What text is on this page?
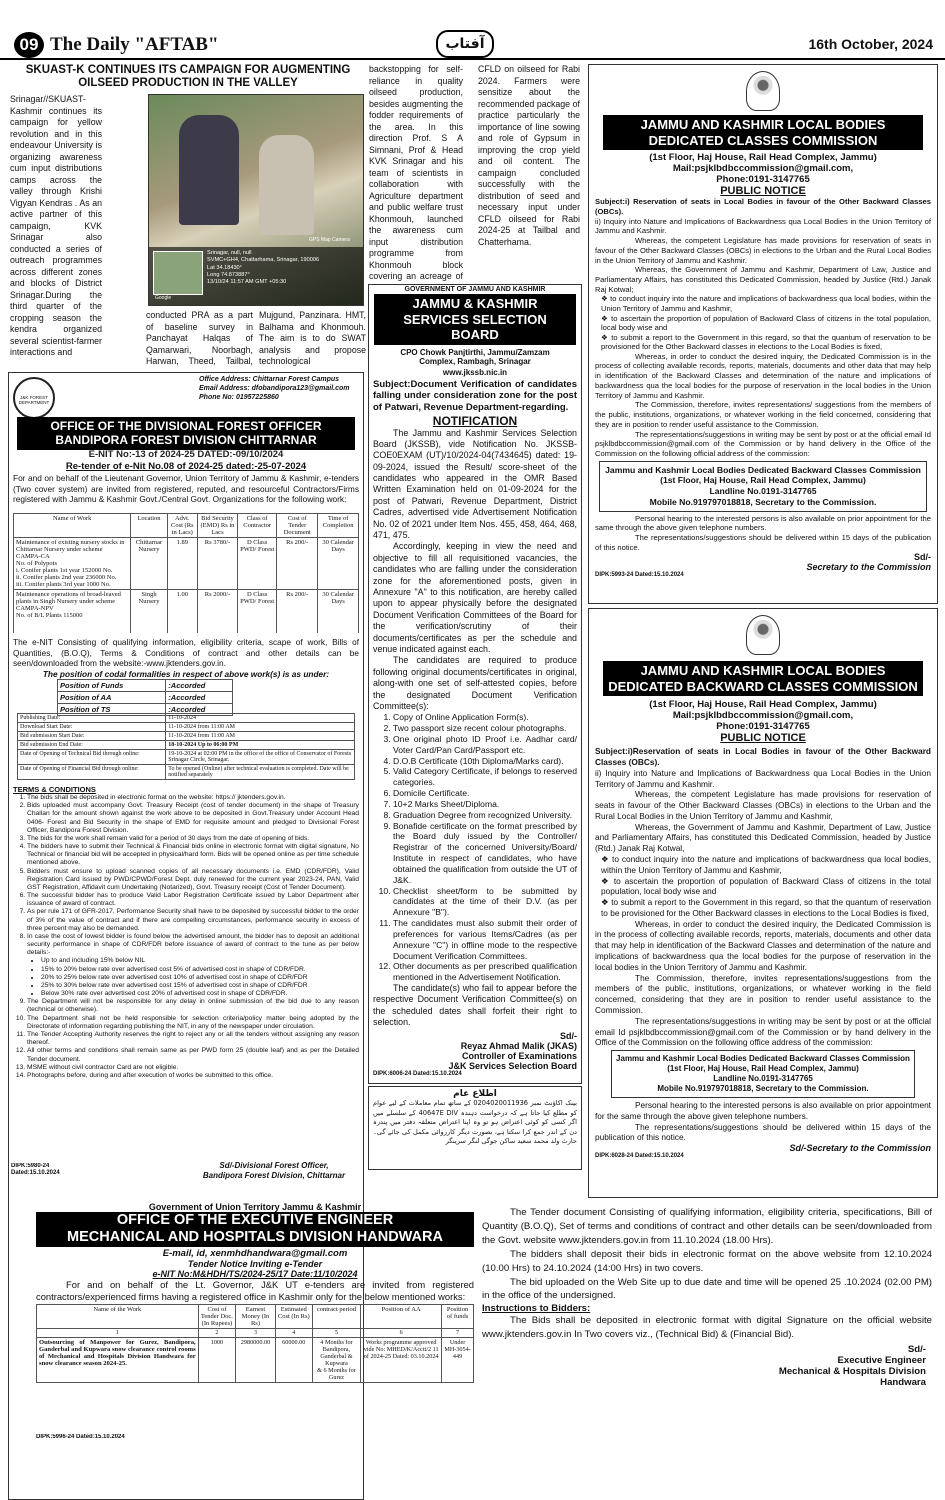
09 The Daily "AFTAB"	آفتاب	16th October, 2024
SKUAST-K CONTINUES ITS CAMPAIGN FOR AUGMENTING OILSEED PRODUCTION IN THE VALLEY

Srinagar//SKUAST-Kashmir continues its campaign for yellow revolution and in this endeavour University is organizing awareness cum input distributions camps across the valley through Krishi Vigyan Kendras . As an active partner of this campaign, KVK Srinagar also conducted a series of outreach programmes across different zones and blocks of District Srinagar.During the third quarter of the cropping season the kendra organized several scientist-farmer interactions and

Srinagar, null, null
SVMC+GH4, Chattarhama, Srinagar, 190006
Lat 34.18430°
Long 74.873887°
13/10/24 11:57 AM GMT +05:30
Google
GPS Map Camera

conducted PRA as a part of baseline survey in Panchayat Halqas of Qamarwari, Noorbagh, Harwan, Theed, Tailbal, Mujgund, Panzinara. HMT, Balhama and Khonmouh. The aim is to do SWAT analysis and propose technological

backstopping for self-reliance in quality oilseed production, besides augmenting the fodder requirements of the area. In this direction Prof. S A Simnani, Prof & Head KVK Srinagar and his team of scientists in collaboration with Agriculture department and public welfare trust Khonmouh, launched the awareness cum input distribution programme from Khonmouh block covering an acreage of

CFLD on oilseed for Rabi 2024. Farmers were sensitize about the recommended package of practice particularly the importance of line sowing and role of Gypsum in improving the crop yield and oil content. The campaign concluded successfully with the distribution of seed and necessary input under CFLD oilseed for Rabi 2024-25 at Tailbal and Chatterhama.

J&K FOREST DEPARTMENT
Office Address: Chittarnar Forest Campus
Email Address: dfobandipora123@gmail.com
Phone No: 01957225860
OFFICE OF THE DIVISIONAL FOREST OFFICER BANDIPORA FOREST DIVISION CHITTARNAR
E-NIT No:-13 of 2024-25 DATED:-09/10/2024
Re-tender of e-Nit No.08 of 2024-25 dated:-25-07-2024

For and on behalf of the Lieutenant Governor, Union Territory of Jammu & Kashmir, e-tenders (Two cover system) are invited from registered, reputed, and resourceful Contractors/Firms registered with Jammu & Kashmir Govt./Central Govt. Organizations for the following work:

Name of Work	Location	Advt. Cost (Rs in Lacs)	Bid Security (EMD) Rs in Lacs	Class of Contractor	Cost of Tender Document	Time of Completion
Maintenance of existing nursery stocks in Chittarnar Nursery under scheme CAMPA-CA
No. of Polypots
i. Conifer plants 1st year 152000 No.
ii. Conifer plants 2nd year 236000 No.
iii. Conifer plants 3rd year 1000 No.	Chittarnar Nursery	1.89	Rs 3780/-	D Class PWD/ Forest	Rs 200/-	30 Calendar Days
Maintenance operations of broad-leaved plants in Singh Nursery under scheme CAMPA-NPV
No. of B/L Plants 115000	Singh Nursery	1.00	Rs 2000/-	D Class PWD/ Forest	Rs 200/-	30 Calendar Days

The e-NIT Consisting of qualifying information, eligibility criteria, scape of work, Bills of Quantities, (B.O.Q), Terms & Conditions of contract and other details can be seen/downloaded from the website:-www.jktenders.gov.in.

The position of codal formalities in respect of above work(s) is as under:
Position of Funds	:Accorded
Position of AA	:Accorded
Position of TS	:Accorded
Publishing Date:	11-10-2024
Download Start Date:	11-10-2024 from 11:00 AM
Bid submission Start Date:	11-10-2024 from 11:00 AM
Bid submission End Date:	18-10-2024 Up to 06:00 PM
Date of Opening of Technical Bid through online:	19-10-2024 at 02:00 PM in the office of the office of Conservator of Forests Srinagar Circle, Srinagar.
Date of Opening of Financial Bid through online:	To be opened (Online) after technical evaluation is completed. Date will be notified separately
TERMS & CONDITIONS
1. The bids shall be deposited in electronic format on the website: https:// jktenders.gov.in.
2. Bids uploaded must accompany Govt. Treasury Receipt (cost of tender document) in the shape of Treasury Challan for the amount shown against the work above to be deposited in Govt.Treasury under Account Head 0406- Forest and Bid Security in the shape of EMD for requisite amount and pledged to Divisional Forest Officer, Bandipora Forest Division.
3. The bids for the work shall remain valid for a period of 30 days from the date of opening of bids.
4. The bidders have to submit their Technical & Financial bids online in electronic format with digital signature, No Technical or financial bid will be accepted in physical/hard form. Bids will be opened online as per time schedule mentioned above.
5. Bidders must ensure to upload scanned copies of all necessary documents i.e. EMD (CDR/FDR), Valid Registration Card issued by PWD/CPWD/Forest Dept. duly renewed for the current year 2023-24, PAN, Valid GST Registration, Affidavit cum Undertaking (Notarized), Govt. Treasury receipt (Cost of Tender Document).
6. The successful bidder has to produce Valid Labor Registration Certificate issued by Labor Department after issuance of award of contract.
7. As per rule 171 of GFR-2017, Performance Security shall have to be deposited by successful bidder to the order of 3% of the value of contract and if there are compelling circumstances, performance security in excess of three percent may also be demanded.
8. In case the cost of lowest bidder is found below the advertised amount, the bidder has to deposit an additional security performance in shape of CDR/FDR before issuance of award of contract to the tune as per below details:-
• Up to and including 15% below NIL
• 15% to 20% below rate over advertised cost 5% of advertised cost in shape of CDR/FDR.
• 20% to 25% below rate over advertised cost 10% of advertised cost in shape of CDR/FDR
• 25% to 30% below rate over advertised cost 15% of advertised cost in shape of CDR/FDR
• Below 30% rate over advertised cost 20% of advertised cost in shape of CDR/FDR.
9. The Department will not be responsible for any delay in online submission of the bid due to any reason (technical or otherwise).
10. The Department shall not be held responsible for selection criteria/policy matter being adopted by the Directorate of information regarding publishing the NIT, in any of the newspaper under circulation.
11. The Tender Accepting Authority reserves the right to reject any or all the tenders without assigning any reason thereof.
12. All other terms and conditions shall remain same as per PWD form 25 (double leaf) and as per the Detailed Tender document.
13. MSME without civil contractor Card are not eligible.
14. Photographs before, during and after execution of works be submitted to this office.
DIPK:5980-24
Dated:15.10.2024
Sd/-Divisional Forest Officer,
Bandipora Forest Division, Chittarnar
GOVERNMENT OF JAMMU AND KASHMIR
JAMMU & KASHMIR SERVICES SELECTION BOARD
CPO Chowk Panjtirthi, Jammu/Zamzam Complex, Rambagh, Srinagar
www.jkssb.nic.in

Subject:Document Verification of candidates falling under consideration zone for the post of Patwari, Revenue Department-regarding.

NOTIFICATION

The Jammu and Kashmir Services Selection Board (JKSSB), vide Notification No. JKSSB-COE0EXAM (UT)/10/2024-04(7434645) dated: 19-09-2024, issued the Result/ score-sheet of the candidates who appeared in the OMR Based Written Examination held on 01-09-2024 for the post of Patwari, Revenue Department, District Cadres, advertised vide Advertisement Notification No. 02 of 2021 under Item Nos. 455, 458, 464, 468, 471, 475.

Accordingly, keeping in view the need and objective to fill all requisitioned vacancies, the candidates who are falling under the consideration zone for the aforementioned posts, given in Annexure "A" to this notification, are hereby called upon to appear physically before the designated Document Verification Committees of the Board for the verification/scrutiny of their documents/certificates as per the schedule and venue indicated against each.

The candidates are required to produce following original documents/certificates in original, along-with one set of self-attested copies, before the designated Document Verification Committee(s):

1. Copy of Online Application Form(s).
2. Two passport size recent colour photographs.
3. One original photo ID Proof i.e. Aadhar card/ Voter Card/Pan Card/Passport etc.
4. D.O.B Certificate (10th Diploma/Marks card).
5. Valid Category Certificate, if belongs to reserved categories.
6. Domicile Certificate.
7. 10+2 Marks Sheet/Diploma.
8. Graduation Degree from recognized University.
9. Bonafide certificate on the format prescribed by the Board duly issued by the Controller/ Registrar of the concerned University/Board/ Institute in respect of candidates, who have obtained the qualification from outside the UT of J&K.
10. Checklist sheet/form to be submitted by candidates at the time of their D.V. (as per Annexure "B").
11. The candidates must also submit their order of preferences for various Items/Cadres (as per Annexure "C") in offline mode to the respective Document Verification Committees.
12. Other documents as per prescribed qualification mentioned in the Advertisement Notification.

The candidate(s) who fail to appear before the respective Document Verification Committee(s) on the scheduled dates shall forfeit their right to selection.

Sd/-
Reyaz Ahmad Malik (JKAS)
Controller of Examinations
J&K Services Selection Board
DIPK:6006-24 Dated:15.10.2024
اطلاع عام
بینک اکاؤنٹ نمبر 0204020011936 کے ساتھ تمام معاملات کے لیے عوام کو مطلع کیا جاتا ہے کہ درخواست دہندہ 40647E DIV کے سلسلے میں اگر کسی کو کوئی اعتراض ہو تو وہ اپنا اعتراض متعلقہ دفتر میں پندرہ دن کے اندر جمع کرا سکتا ہے، بصورت دیگر کارروائی مکمل کی جائے گی۔ حارث ولد محمد سعید ساکن جوگی لنگر سرینگر
JAMMU AND KASHMIR LOCAL BODIES DEDICATED CLASSES COMMISSION
(1st Floor, Haj House, Rail Head Complex, Jammu)
Mail:psjklbdbccommission@gmail.com,
Phone:0191-3147765
PUBLIC NOTICE

Subject:i) Reservation of seats in Local Bodies in favour of the Other Backward Classes (OBCs).

ii) Inquiry into Nature and Implications of Backwardness qua Local Bodies in the Union Territory of Jammu and Kashmir.

Whereas, the competent Legislature has made provisions for reservation of seats in favour of the Other Backward Classes (OBCs) in elections to the Urban and the Rural Local Bodies in the Union Territory of Jammu and Kashmir.

Whereas, the Government of Jammu and Kashmir, Department of Law, Justice and Parliamentary Affairs, has constituted this Dedicated Commission, headed by Justice (Rtd.) Janak Raj Kotwal;

❖ to conduct inquiry into the nature and implications of backwardness qua local bodies, within the Union Territory of Jammu and Kashmir,
❖ to ascertain the proportion of population of Backward Class of citizens in the total population, local body wise and
❖ to submit a report to the Government in this regard, so that the quantum of reservation to be provisioned for the Other Backward classes in elections to the Local Bodies is fixed,

Whereas, in order to conduct the desired inquiry, the Dedicated Commission is in the process of collecting available records, reports, materials, documents and other data that may help in identification of the Backward Classes and determination of the nature and implications of backwardness qua the local bodies for the purpose of reservation in the local bodies in the Union Territory of Jammu and Kashmir.

The Commission, therefore, invites representations/ suggestions from the members of the public, institutions, organizations, or whatever working in the field concerned, considering that they are in position to render useful assistance to the Commission.

The representations/suggestions in writing may be sent by post or at the official email Id psjklbdbccommission@gmail.com of the Commission or by hand delivery in the Office of the Commission on the following official address of the commission:

Jammu and Kashmir Local Bodies Dedicated Backward Classes Commission
(1st Floor, Haj House, Rail Head Complex, Jammu)
Landline No.0191-3147765
Mobile No.919797018818, Secretary to the Commission.

Personal hearing to the interested persons is also available on prior appointment for the same through the above given telephone numbers.

The representations/suggestions should be delivered within 15 days of the publication of this notice.

Sd/-
Secretary to the Commission
DIPK:5993-24 Dated:15.10.2024
JAMMU AND KASHMIR LOCAL BODIES DEDICATED BACKWARD CLASSES COMMISSION
(1st Floor, Haj House, Rail Head Complex, Jammu)
Mail:psjklbdbccommission@gmail.com,
Phone:0191-3147765
PUBLIC NOTICE

Subject:i)Reservation of seats in Local Bodies in favour of the Other Backward Classes (OBCs).

ii) Inquiry into Nature and Implications of Backwardness qua Local Bodies in the Union Territory of Jammu and Kashmir.

Whereas, the competent Legislature has made provisions for reservation of seats in favour of the Other Backward Classes (OBCs) in elections to the Urban and the Rural Local Bodies in the Union Territory of Jammu and Kashmir,

Whereas, the Government of Jammu and Kashmir, Department of Law, Justice and Parliamentary Affairs, has constituted this Dedicated Commission, headed by Justice (Rtd.) Janak Raj Kotwal,

❖ to conduct inquiry into the nature and implications of backwardness qua local bodies, within the Union Territory of Jammu and Kashmir,
❖ to ascertain the proportion of population of Backward Class of citizens in the total population, local body wise and
❖ to submit a report to the Government in this regard, so that the quantum of reservation to be provisioned for the Other Backward classes in elections to the Local Bodies is fixed,

Whereas, in order to conduct the desired inquiry, the Dedicated Commission is in the process of collecting available records, reports, materials, documents and other data that may help in identification of the Backward Classes and determination of the nature and implications of backwardness qua the local bodies for the purpose of reservation in the local bodies in the Union Territory of Jammu and Kashmir.

The Commission, therefore, invites representations/suggestions from the members of the public, institutions, organizations, or whatever working in the field concerned, considering that they are in position to render useful assistance to the Commission.

The representations/suggestions in writing may be sent by post or at the official email Id psjklbdbccommission@gmail.com of the Commission or by hand delivery in the Office of the Commission on the following office address of the commission:

Jammu and Kashmir Local Bodies Dedicated Backward Classes Commission
(1st Floor, Haj House, Rail Head Complex, Jammu)
Landline No.0191-3147765
Mobile No.919797018818, Secretary to the Commission.

Personal hearing to the interested persons is also available on prior appointment for the same through the above given telephone numbers.

The representations/suggestions should be delivered within 15 days of the publication of this notice.

Sd/-Secretary to the Commission
DIPK:6028-24 Dated:15.10.2024
Government of Union Territory Jammu & Kashmir
OFFICE OF THE EXECUTIVE ENGINEER
MECHANICAL AND HOSPITALS DIVISION HANDWARA
E-mail, id, xenmhdhandwara@gmail.com
Tender Notice Inviting e-Tender
e-NIT No:M&HDH/TS/2024-25/17 Date:11/10/2024

For and on behalf of the Lt. Governor, J&K UT e-tenders are invited from registered contractors/experienced firms having a registered office in Kashmir only for the below mentioned works:

Name of the Work	Cost of Tender Doc. (In Rupees)	Earnest Money (In Rs)	Estimated Cost (In Rs)	contract period	Position of AA	Position of funds
1	2	3	4	5	6	7
Outsourcing of Manpower for Gurez, Bandipora, Ganderbal and Kupwara snow clearance control rooms of Mechanical and Hospitals Division Handwara for snow clearance season 2024-25.	1000	2980000.00	60000.00	4 Months for Bandipora, Ganderbal & Kupwara
& 6 Months for Gurez	Works programme approved vide No: MHED/K/Acctt/2 11 of 2024-25 Dated: 03.10.2024	Under MH-3054-449
DIPK:5996-24 Dated:15.10.2024

The Tender document Consisting of qualifying information, eligibility criteria, specifications, Bill of Quantity (B.O.Q), Set of terms and conditions of contract and other details can be seen/downloaded from the Govt. website www.jktenders.gov.in from 11.10.2024 (18.00 Hrs).

The bidders shall deposit their bids in electronic format on the above website from 12.10.2024 (10.00 Hrs) to 24.10.2024 (14:00 Hrs) in two covers.

The bid uploaded on the Web Site up to due date and time will be opened 25 .10.2024 (02.00 PM) in the office of the undersigned.

Instructions to Bidders:

The Bids shall be deposited in electronic format with digital Signature on the official website www.jktenders.gov.in In Two covers viz., (Technical Bid) & (Financial Bid).

Sd/-
Executive Engineer
Mechanical & Hospitals Division
Handwara
